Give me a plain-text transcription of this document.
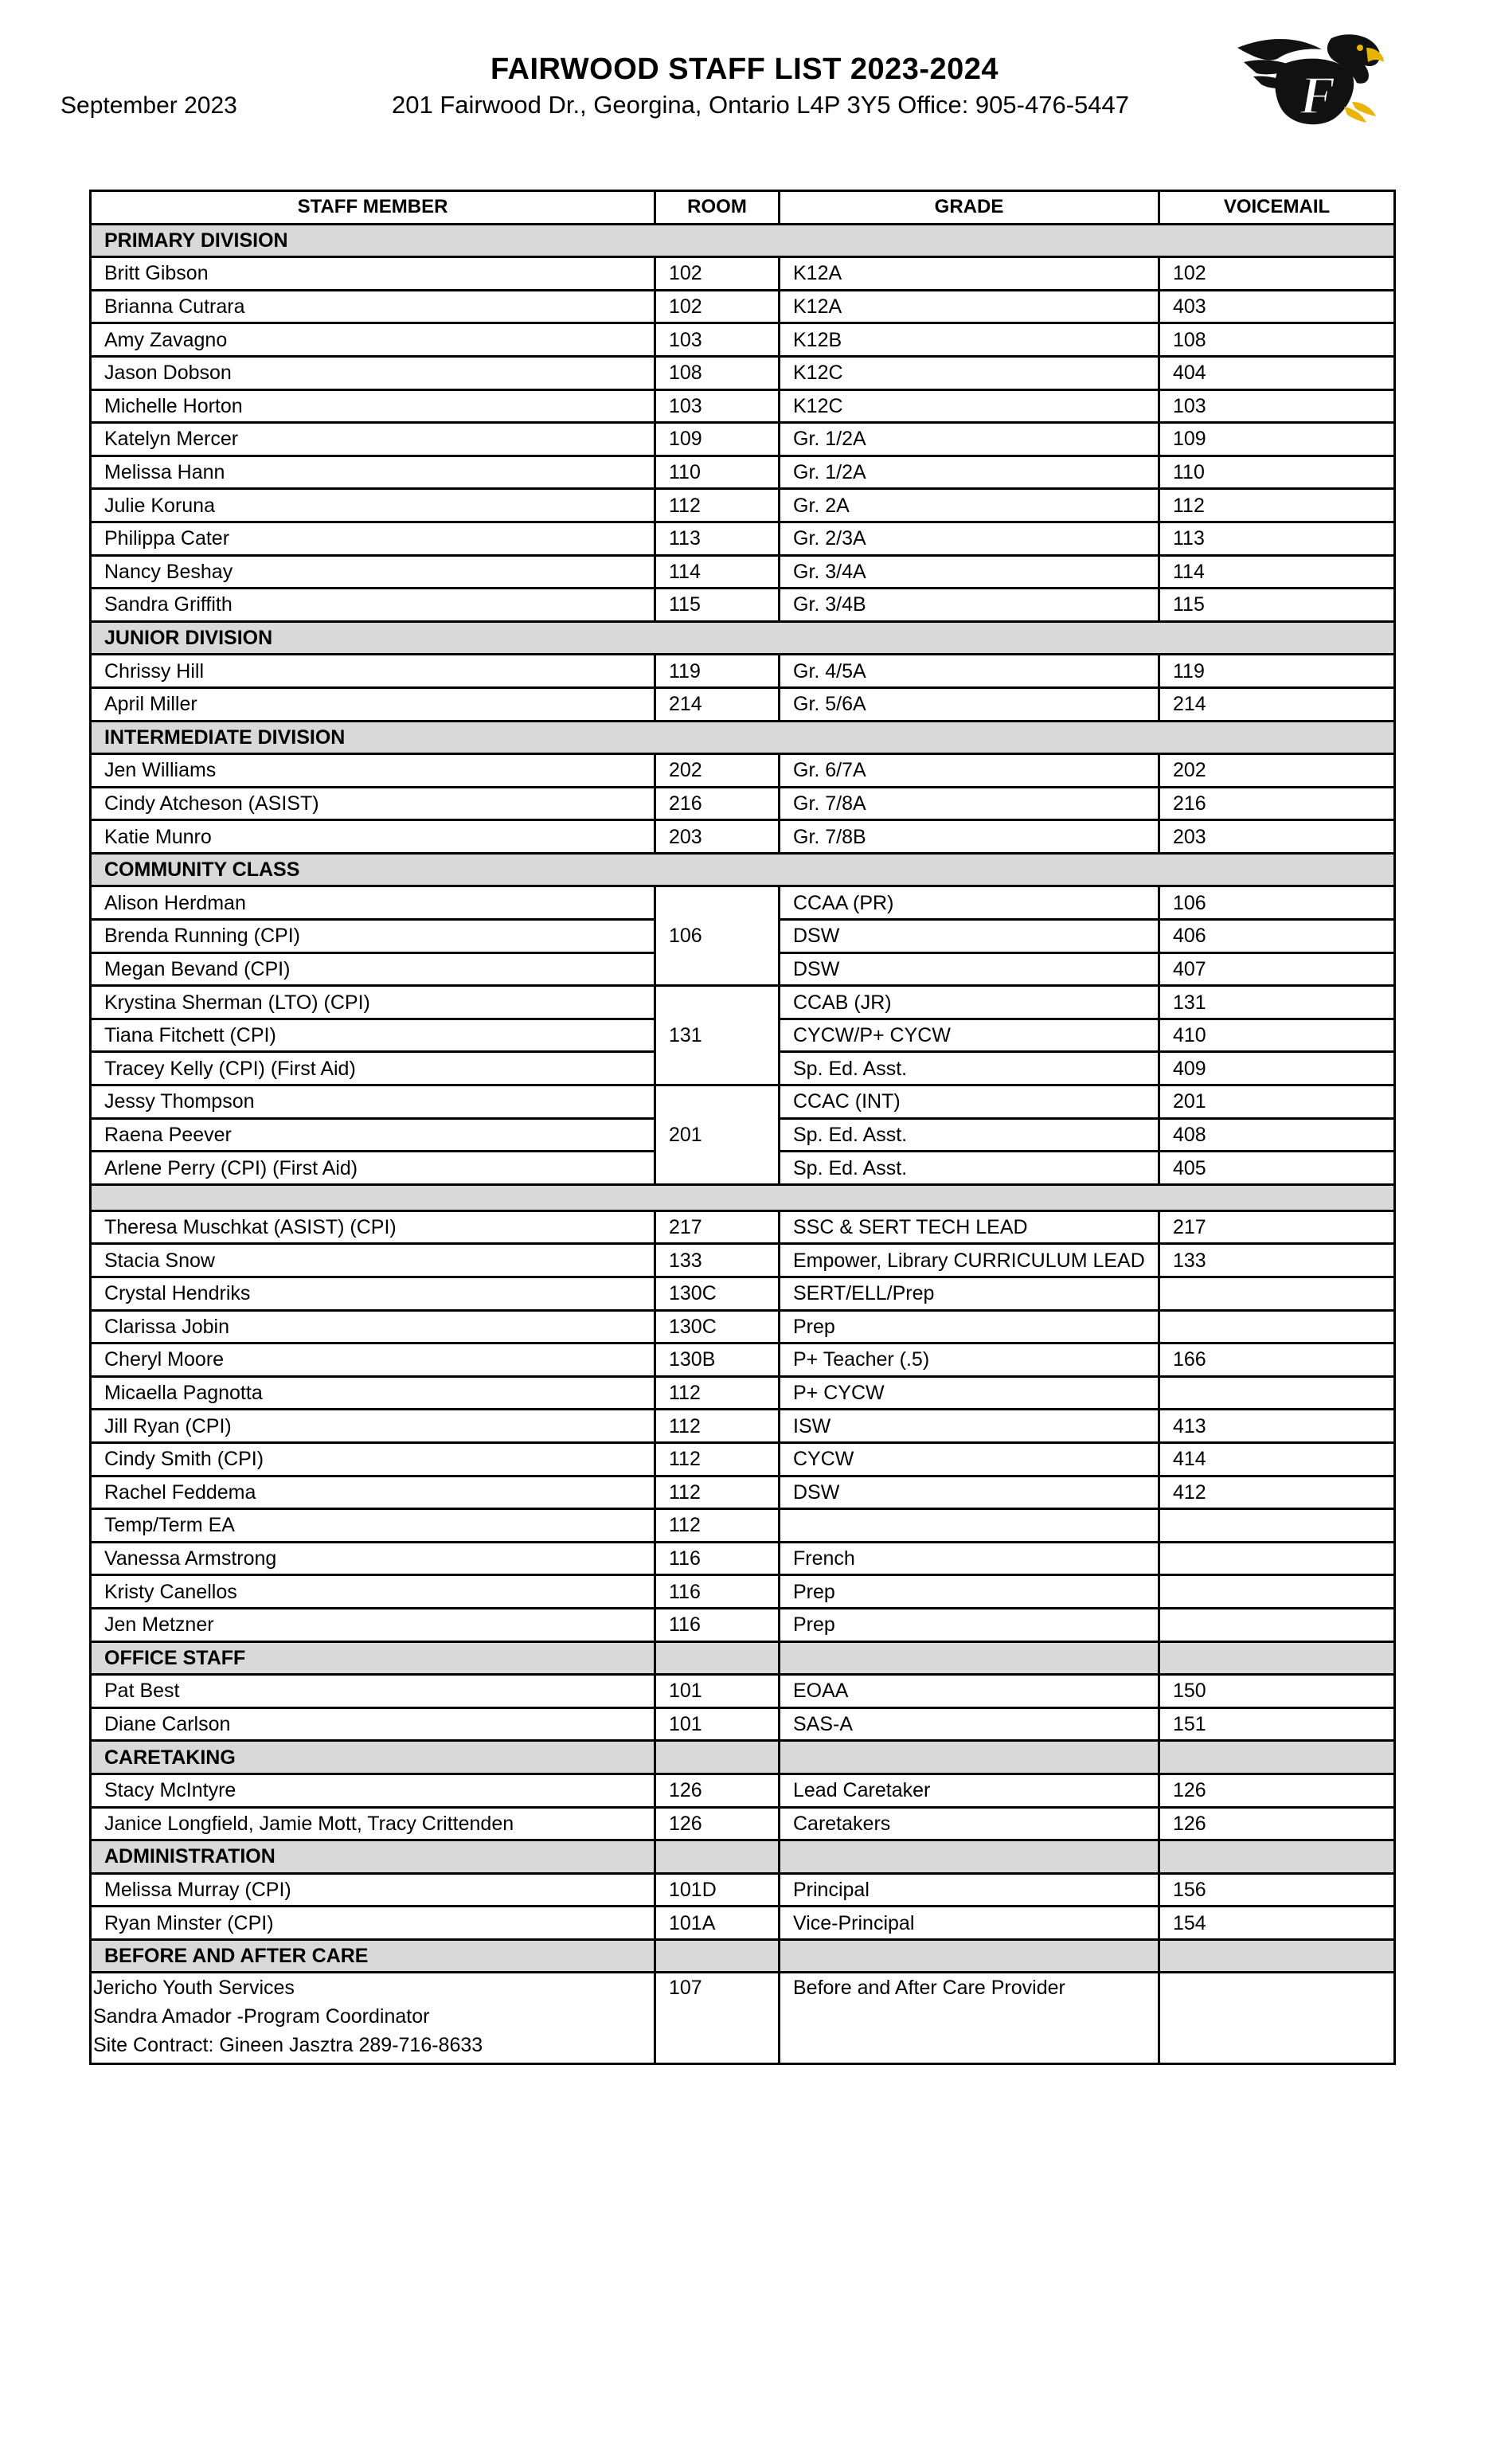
September 2023
FAIRWOOD STAFF LIST 2023-2024
201 Fairwood Dr., Georgina, Ontario L4P 3Y5 Office: 905-476-5447	F
STAFF MEMBER	ROOM	GRADE	VOICEMAIL
PRIMARY DIVISION			
Britt Gibson	102	K12A	102
Brianna Cutrara	102	K12A	403
Amy Zavagno	103	K12B	108
Jason Dobson	108	K12C	404
Michelle Horton	103	K12C	103
Katelyn Mercer	109	Gr. 1/2A	109
Melissa Hann	110	Gr. 1/2A	110
Julie Koruna	112	Gr. 2A	112
Philippa Cater	113	Gr. 2/3A	113
Nancy Beshay	114	Gr. 3/4A	114
Sandra Griffith	115	Gr. 3/4B	115
JUNIOR DIVISION			
Chrissy Hill	119	Gr. 4/5A	119
April Miller	214	Gr. 5/6A	214
INTERMEDIATE DIVISION			
Jen Williams	202	Gr. 6/7A	202
Cindy Atcheson (ASIST)	216	Gr. 7/8A	216
Katie Munro	203	Gr. 7/8B	203
COMMUNITY CLASS			
Alison Herdman	106	CCAA (PR)	106
Brenda Running (CPI)		DSW	406
Megan Bevand (CPI)		DSW	407
Krystina Sherman (LTO) (CPI)	131	CCAB (JR)	131
Tiana Fitchett (CPI)		CYCW/P+ CYCW	410
Tracey Kelly (CPI) (First Aid)		Sp. Ed. Asst.	409
Jessy Thompson	201	CCAC (INT)	201
Raena Peever		Sp. Ed. Asst.	408
Arlene Perry (CPI) (First Aid)		Sp. Ed. Asst.	405

Theresa Muschkat (ASIST) (CPI)	217	SSC & SERT TECH LEAD	217
Stacia Snow	133	Empower, Library CURRICULUM LEAD	133
Crystal Hendriks	130C	SERT/ELL/Prep	
Clarissa Jobin	130C	Prep	
Cheryl Moore	130B	P+ Teacher (.5)	166
Micaella Pagnotta	112	P+ CYCW	
Jill Ryan (CPI)	112	ISW	413
Cindy Smith (CPI)	112	CYCW	414
Rachel Feddema	112	DSW	412
Temp/Term EA	112		
Vanessa Armstrong	116	French	
Kristy Canellos	116	Prep	
Jen Metzner	116	Prep	
OFFICE STAFF			
Pat Best	101	EOAA	150
Diane Carlson	101	SAS-A	151
CARETAKING			
Stacy McIntyre	126	Lead Caretaker	126
Janice Longfield, Jamie Mott, Tracy Crittenden	126	Caretakers	126
ADMINISTRATION			
Melissa Murray (CPI)	101D	Principal	156
Ryan Minster (CPI)	101A	Vice-Principal	154
BEFORE AND AFTER CARE			

Jericho Youth Services
Sandra Amador -Program Coordinator
Site Contract: Gineen Jasztra 289-716-8633	107	Before and After Care Provider	
